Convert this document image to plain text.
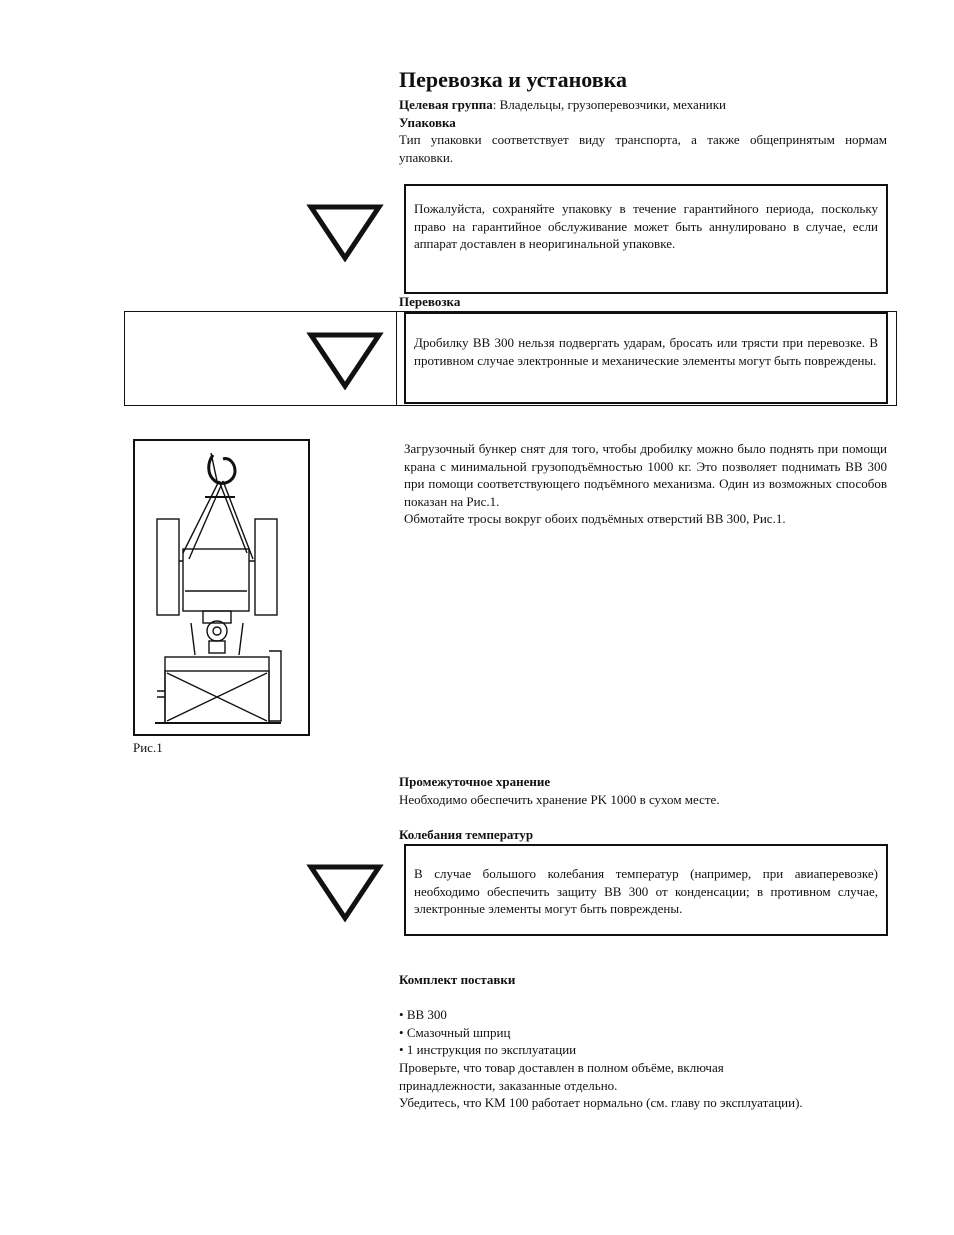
Перевозка и установка
Целевая группа: Владельцы, грузоперевозчики, механики
Упаковка
Тип упаковки соответствует виду транспорта, а также общепринятым нормам упаковки.

Пожалуйста, сохраняйте упаковку в течение гарантийного периода, поскольку право на гарантийное обслуживание может быть аннулировано в случае, если аппарат доставлен в неоригинальной упаковке.

Перевозка

Дробилку BB 300 нельзя подвергать ударам, бросать или трясти при перевозке. В противном случае электронные и механические элементы могут быть повреждены.

Рис.1
Загрузочный бункер снят для того, чтобы дробилку можно было поднять при помощи крана с минимальной грузоподъёмностью 1000 кг. Это позволяет поднимать BB 300 при помощи соответствующего подъёмного механизма. Один из возможных способов показан на Рис.1.
Обмотайте тросы вокруг обоих подъёмных отверстий BB 300, Рис.1.
Промежуточное хранение
Необходимо обеспечить хранение PK 1000 в сухом месте.
Колебания температур

В случае большого колебания температур (например, при авиаперевозке) необходимо обеспечить защиту BB 300 от конденсации; в противном случае, электронные элементы могут быть повреждены.

Комплект поставки
• BB 300
• Смазочный шприц
• 1 инструкция по эксплуатации
Проверьте, что товар доставлен в полном объёме, включая принадлежности, заказанные отдельно.
Убедитесь, что KM 100 работает нормально (см. главу по эксплуатации).
